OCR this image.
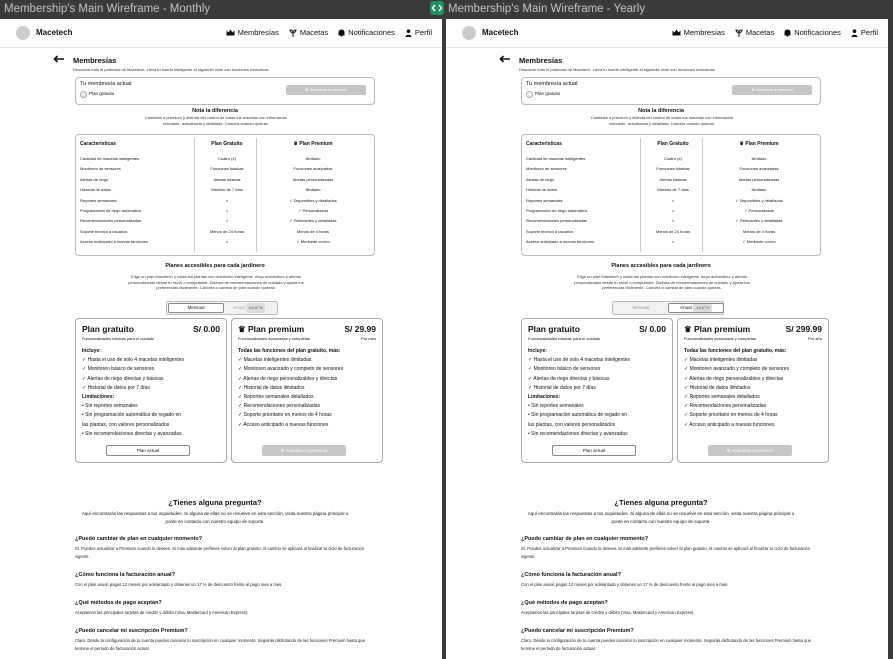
Membership's Main Wireframe - Monthly	Membership's Main Wireframe - Yearly
Macetech	Membresías	Macetas	Notificaciones	Perfil
Membresías
Descubre todo el potencial de Macetech. Lleva tu huerto inteligente al siguiente nivel con funciones exclusivas.
Tu membresía actual
Plan gratuito
♛ Actualizar a premium
Nota la diferencia
Cambiate a premium y disfruta del control de todas tus macetas con información relevante, actualizada y detallada. Cancela cuando quieras.
Características	Plan Gratuito	♛ Plan Premium
Cantidad de macetas inteligentes	Cuatro (4)	Ilimitado
Monitoreo de sensores	Funciones básicas	Funciones avanzadas
Alertas de riego	Alertas básicas	Alertas personalizadas
Historial de datos	Máximo de 7 días	Ilimitado
Reportes semanales	×	✓ Disponibles y detallados
Programación de riego automático	×	✓ Personalizada
Recomendaciones personalizadas	×	✓ Relevantes y detalladas
Soporte técnico a usuarios	Menos de 24 horas	Menos de 4 horas
Acceso anticipado a nuevas funciones	×	✓ Mediante correo
Planes accesibles para cada jardinero
Elige un plan Macetech y cuida tus plantas con monitoreo inteligente, riego automático y alertas personalizadas desde tu móvil o computador. Disfruta de recomendaciones de cuidado y ajusta tus preferencias fácilmente. Cancela o cambia de plan cuando quieras.
Mensual	Anual -16,67%
Plan gratuito	S/ 0.00
Funcionalidades básicas para el cuidado
Incluye:
✓ Hasta el uso de solo 4 macetas inteligentes
✓ Monitoreo básico de sensores
✓ Alertas de riego directas y básicas
✓ Historial de datos por 7 días
Limitaciones:
• Sin reportes semanales
• Sin programación automática de regado en
las plantas, con valores personalizados
• Sin recomendaciones directas y avanzadas
Plan actual
♛ Plan premium	S/ 29.99
Funcionalidades avanzadas y completas	Por mes
Todas las funciones del plan gratuito, más:
✓ Macetas inteligentes ilimitadas
✓ Monitoreo avanzado y completo de sensores
✓ Alertas de riego personalizables y directas
✓ Historial de datos ilimitados
✓ Reportes semanales detallados
✓ Recomendaciones personalizadas
✓ Soporte prioritario en menos de 4 horas
✓ Acceso anticipado a nuevas funciones
♛ Actualizar a premium
¿Tienes alguna pregunta?
Aquí encontrarás las respuestas a tus inquietudes. Si alguna de ellas no se resuelve en esta sección, visita nuestra página principal o ponte en contacto con nuestro equipo de soporte.
¿Puedo cambiar de plan en cualquier momento?
Sí. Puedes actualizar a Premium cuando lo desees. Si más adelante prefieres volver al plan gratuito, el cambio se aplicará al finalizar tu ciclo de facturación vigente.
¿Cómo funciona la facturación anual?
Con el plan anual, pagas 12 meses por adelantado y obtienes un 17 % de descuento frente al pago mes a mes.
¿Qué métodos de pago aceptan?
Aceptamos las principales tarjetas de crédito y débito (Visa, Mastercard y American Express).
¿Puedo cancelar mi suscripción Premium?
Claro. Desde la configuración de tu cuenta puedes cancelar tu suscripción en cualquier momento. Seguirás disfrutando de las funciones Premium hasta que termine el período de facturación actual.
Macetech	Membresías	Macetas	Notificaciones	Perfil
Membresías
Descubre todo el potencial de Macetech. Lleva tu huerto inteligente al siguiente nivel con funciones exclusivas.
Tu membresía actual
Plan gratuito
♛ Actualizar a premium
Nota la diferencia
Cambiate a premium y disfruta del control de todas tus macetas con información relevante, actualizada y detallada. Cancela cuando quieras.
Características	Plan Gratuito	♛ Plan Premium
Cantidad de macetas inteligentes	Cuatro (4)	Ilimitado
Monitoreo de sensores	Funciones básicas	Funciones avanzadas
Alertas de riego	Alertas básicas	Alertas personalizadas
Historial de datos	Máximo de 7 días	Ilimitado
Reportes semanales	×	✓ Disponibles y detallados
Programación de riego automático	×	✓ Personalizada
Recomendaciones personalizadas	×	✓ Relevantes y detalladas
Soporte técnico a usuarios	Menos de 24 horas	Menos de 4 horas
Acceso anticipado a nuevas funciones	×	✓ Mediante correo
Planes accesibles para cada jardinero
Elige un plan Macetech y cuida tus plantas con monitoreo inteligente, riego automático y alertas personalizadas desde tu móvil o computador. Disfruta de recomendaciones de cuidado y ajusta tus preferencias fácilmente. Cancela o cambia de plan cuando quieras.
Mensual	Anual -16,67%
Plan gratuito	S/ 0.00
Funcionalidades básicas para el cuidado
Incluye:
✓ Hasta el uso de solo 4 macetas inteligentes
✓ Monitoreo básico de sensores
✓ Alertas de riego directas y básicas
✓ Historial de datos por 7 días
Limitaciones:
• Sin reportes semanales
• Sin programación automática de regado en
las plantas, con valores personalizados
• Sin recomendaciones directas y avanzadas
Plan actual
♛ Plan premium	S/ 299.99
Funcionalidades avanzadas y completas	Por año
Todas las funciones del plan gratuito, más:
✓ Macetas inteligentes ilimitadas
✓ Monitoreo avanzado y completo de sensores
✓ Alertas de riego personalizables y directas
✓ Historial de datos ilimitados
✓ Reportes semanales detallados
✓ Recomendaciones personalizadas
✓ Soporte prioritario en menos de 4 horas
✓ Acceso anticipado a nuevas funciones
♛ Actualizar a premium
¿Tienes alguna pregunta?
Aquí encontrarás las respuestas a tus inquietudes. Si alguna de ellas no se resuelve en esta sección, visita nuestra página principal o ponte en contacto con nuestro equipo de soporte.
¿Puedo cambiar de plan en cualquier momento?
Sí. Puedes actualizar a Premium cuando lo desees. Si más adelante prefieres volver al plan gratuito, el cambio se aplicará al finalizar tu ciclo de facturación vigente.
¿Cómo funciona la facturación anual?
Con el plan anual, pagas 12 meses por adelantado y obtienes un 17 % de descuento frente al pago mes a mes.
¿Qué métodos de pago aceptan?
Aceptamos las principales tarjetas de crédito y débito (Visa, Mastercard y American Express).
¿Puedo cancelar mi suscripción Premium?
Claro. Desde la configuración de tu cuenta puedes cancelar tu suscripción en cualquier momento. Seguirás disfrutando de las funciones Premium hasta que termine el período de facturación actual.
